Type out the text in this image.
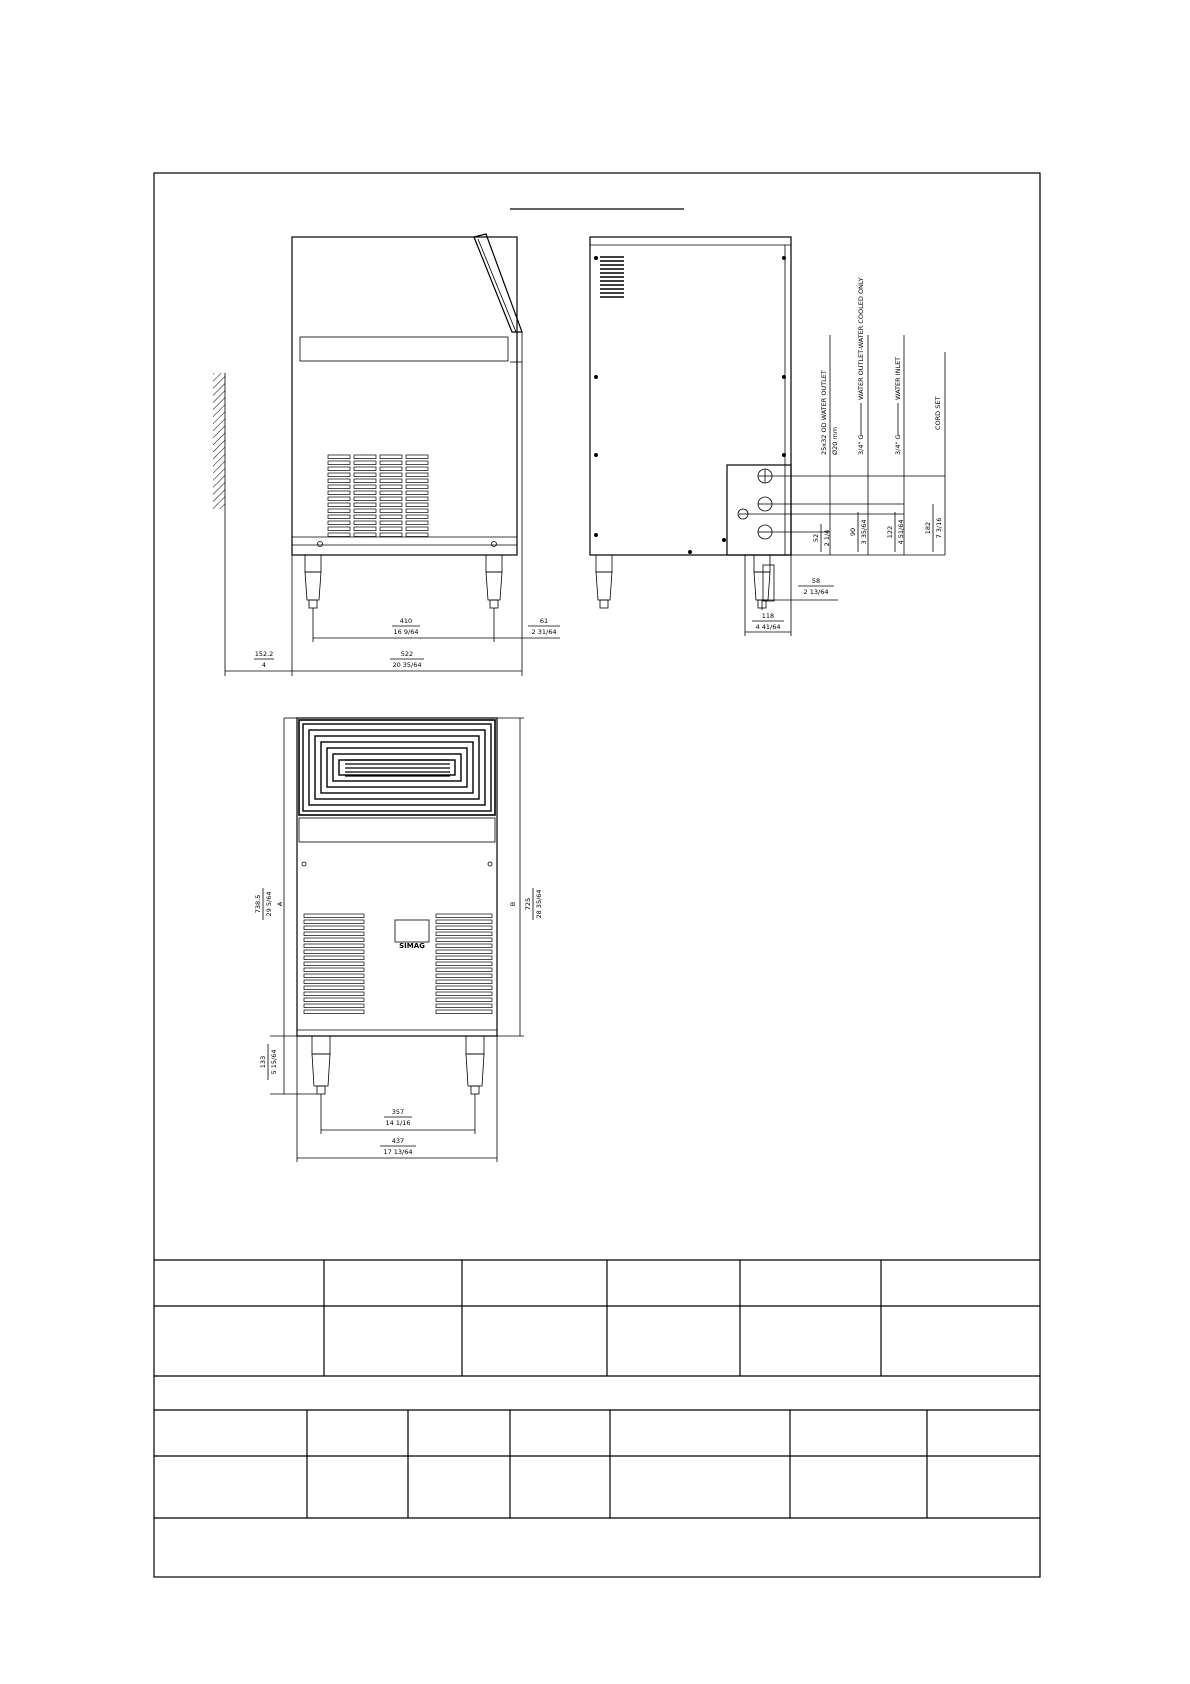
410
16 9/64
61
2 31/64
522
20 35/64
152.2
4
58
2 13/64
118
4 41/64
52 2 1/4	90 3 35/64	122 4 51/64	182 7 3/16
25x32 OD WATER OUTLET Ø20 mm	3/4" G
WATER OUTLET-WATER COOLED ONLY
3/4" G
WATER INLET
CORD SET
SIMAG
357
14 1/16
437
17 13/64
738.5 29 5/64 A	B 725 28 35/64
133 5 15/64
